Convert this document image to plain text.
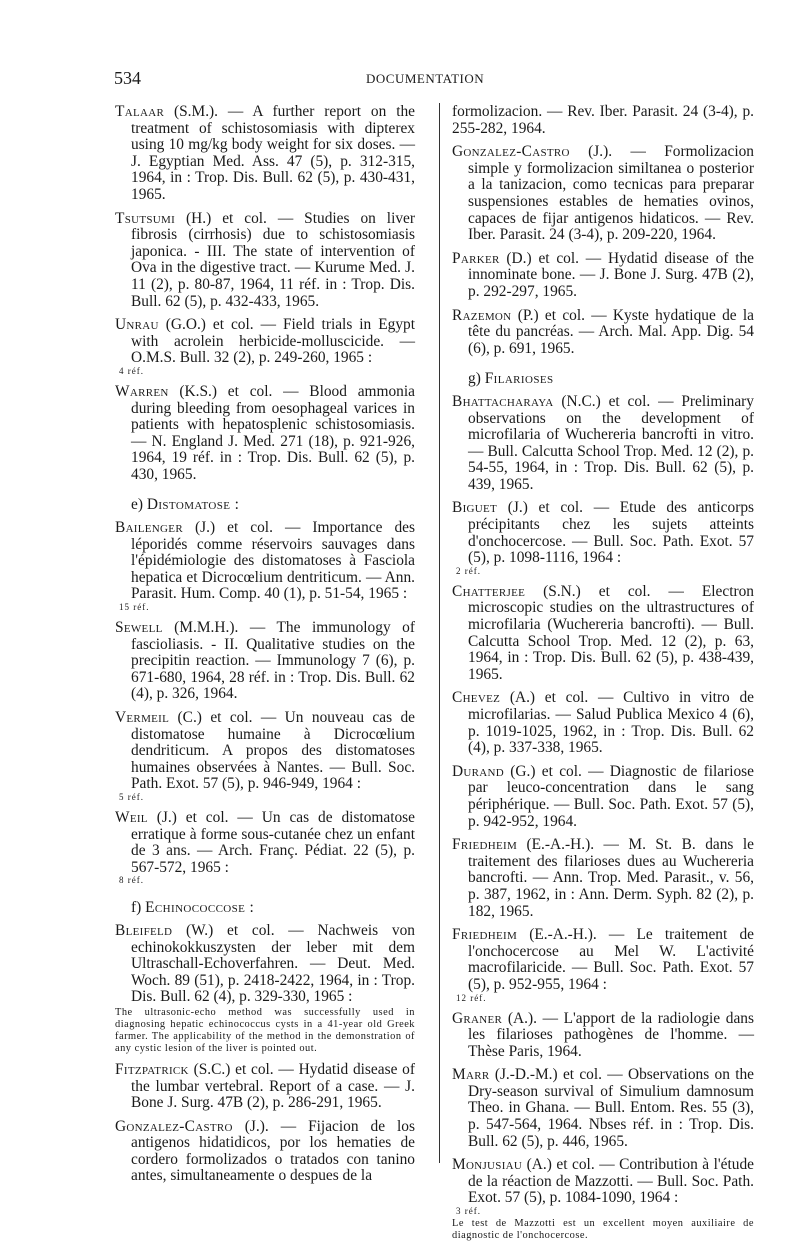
534	DOCUMENTATION
Talaar (S.M.). — A further report on the treatment of schistosomiasis with dipterex using 10 mg/kg body weight for six doses. — J. Egyptian Med. Ass. 47 (5), p. 312-315, 1964, in : Trop. Dis. Bull. 62 (5), p. 430-431, 1965.
Tsutsumi (H.) et col. — Studies on liver fibrosis (cirrhosis) due to schistosomiasis japonica. - III. The state of intervention of Ova in the digestive tract. — Kurume Med. J. 11 (2), p. 80-87, 1964, 11 réf. in : Trop. Dis. Bull. 62 (5), p. 432-433, 1965.
Unrau (G.O.) et col. — Field trials in Egypt with acrolein herbicide-molluscicide. — O.M.S. Bull. 32 (2), p. 249-260, 1965 :
4 réf.
Warren (K.S.) et col. — Blood ammonia during bleeding from oesophageal varices in patients with hepatosplenic schistosomiasis. — N. England J. Med. 271 (18), p. 921-926, 1964, 19 réf. in : Trop. Dis. Bull. 62 (5), p. 430, 1965.
e) Distomatose :
Bailenger (J.) et col. — Importance des léporidés comme réservoirs sauvages dans l'épidémiologie des distomatoses à Fasciola hepatica et Dicrocœlium dentriticum. — Ann. Parasit. Hum. Comp. 40 (1), p. 51-54, 1965 :
15 réf.
Sewell (M.M.H.). — The immunology of fascioliasis. - II. Qualitative studies on the precipitin reaction. — Immunology 7 (6), p. 671-680, 1964, 28 réf. in : Trop. Dis. Bull. 62 (4), p. 326, 1964.
Vermeil (C.) et col. — Un nouveau cas de distomatose humaine à Dicrocœlium dendriticum. A propos des distomatoses humaines observées à Nantes. — Bull. Soc. Path. Exot. 57 (5), p. 946-949, 1964 :
5 réf.
Weil (J.) et col. — Un cas de distomatose erratique à forme sous-cutanée chez un enfant de 3 ans. — Arch. Franç. Pédiat. 22 (5), p. 567-572, 1965 :
8 réf.
f) Echinococcose :
Bleifeld (W.) et col. — Nachweis von echinokokkuszysten der leber mit dem Ultraschall-Echoverfahren. — Deut. Med. Woch. 89 (51), p. 2418-2422, 1964, in : Trop. Dis. Bull. 62 (4), p. 329-330, 1965 :
The ultrasonic-echo method was successfully used in diagnosing hepatic echinococcus cysts in a 41-year old Greek farmer. The applicability of the method in the demonstration of any cystic lesion of the liver is pointed out.
Fitzpatrick (S.C.) et col. — Hydatid disease of the lumbar vertebral. Report of a case. — J. Bone J. Surg. 47B (2), p. 286-291, 1965.
Gonzalez-Castro (J.). — Fijacion de los antigenos hidatidicos, por los hematies de cordero formolizados o tratados con tanino antes, simultaneamente o despues de la
formolizacion. — Rev. Iber. Parasit. 24 (3-4), p. 255-282, 1964.
Gonzalez-Castro (J.). — Formolizacion simple y formolizacion similtanea o posterior a la tanizacion, como tecnicas para preparar suspensiones estables de hematies ovinos, capaces de fijar antigenos hidaticos. — Rev. Iber. Parasit. 24 (3-4), p. 209-220, 1964.
Parker (D.) et col. — Hydatid disease of the innominate bone. — J. Bone J. Surg. 47B (2), p. 292-297, 1965.
Razemon (P.) et col. — Kyste hydatique de la tête du pancréas. — Arch. Mal. App. Dig. 54 (6), p. 691, 1965.
g) Filarioses
Bhattacharaya (N.C.) et col. — Preliminary observations on the development of microfilaria of Wuchereria bancrofti in vitro. — Bull. Calcutta School Trop. Med. 12 (2), p. 54-55, 1964, in : Trop. Dis. Bull. 62 (5), p. 439, 1965.
Biguet (J.) et col. — Etude des anticorps précipitants chez les sujets atteints d'onchocercose. — Bull. Soc. Path. Exot. 57 (5), p. 1098-1116, 1964 :
2 réf.
Chatterjee (S.N.) et col. — Electron microscopic studies on the ultrastructures of microfilaria (Wuchereria bancrofti). — Bull. Calcutta School Trop. Med. 12 (2), p. 63, 1964, in : Trop. Dis. Bull. 62 (5), p. 438-439, 1965.
Chevez (A.) et col. — Cultivo in vitro de microfilarias. — Salud Publica Mexico 4 (6), p. 1019-1025, 1962, in : Trop. Dis. Bull. 62 (4), p. 337-338, 1965.
Durand (G.) et col. — Diagnostic de filariose par leuco-concentration dans le sang périphérique. — Bull. Soc. Path. Exot. 57 (5), p. 942-952, 1964.
Friedheim (E.-A.-H.). — M. St. B. dans le traitement des filarioses dues au Wuchereria bancrofti. — Ann. Trop. Med. Parasit., v. 56, p. 387, 1962, in : Ann. Derm. Syph. 82 (2), p. 182, 1965.
Friedheim (E.-A.-H.). — Le traitement de l'onchocercose au Mel W. L'activité macrofilaricide. — Bull. Soc. Path. Exot. 57 (5), p. 952-955, 1964 :
12 réf.
Graner (A.). — L'apport de la radiologie dans les filarioses pathogènes de l'homme. — Thèse Paris, 1964.
Marr (J.-D.-M.) et col. — Observations on the Dry-season survival of Simulium damnosum Theo. in Ghana. — Bull. Entom. Res. 55 (3), p. 547-564, 1964. Nbses réf. in : Trop. Dis. Bull. 62 (5), p. 446, 1965.
Monjusiau (A.) et col. — Contribution à l'étude de la réaction de Mazzotti. — Bull. Soc. Path. Exot. 57 (5), p. 1084-1090, 1964 :
3 réf.
Le test de Mazzotti est un excellent moyen auxiliaire de diagnostic de l'onchocercose.
